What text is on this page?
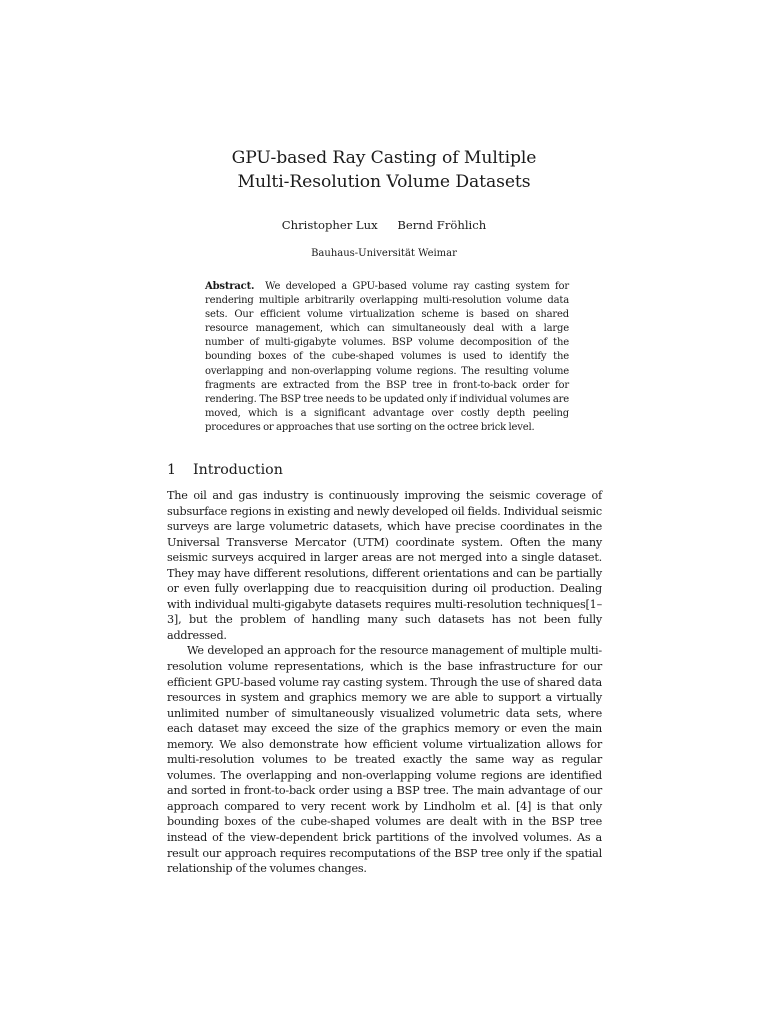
GPU-based Ray Casting of Multiple
Multi-Resolution Volume Datasets
Christopher Lux Bernd Fröhlich
Bauhaus-Universität Weimar
Abstract. We developed a GPU-based volume ray casting system for rendering multiple arbitrarily overlapping multi-resolution volume data sets. Our efficient volume virtualization scheme is based on shared resource management, which can simultaneously deal with a large number of multi-gigabyte volumes. BSP volume decomposition of the bounding boxes of the cube-shaped volumes is used to identify the overlapping and non-overlapping volume regions. The resulting volume fragments are extracted from the BSP tree in front-to-back order for rendering. The BSP tree needs to be updated only if individual volumes are moved, which is a significant advantage over costly depth peeling procedures or approaches that use sorting on the octree brick level.
1 Introduction

The oil and gas industry is continuously improving the seismic coverage of subsurface regions in existing and newly developed oil fields. Individual seismic surveys are large volumetric datasets, which have precise coordinates in the Universal Transverse Mercator (UTM) coordinate system. Often the many seismic surveys acquired in larger areas are not merged into a single dataset. They may have different resolutions, different orientations and can be partially or even fully overlapping due to reacquisition during oil production. Dealing with individual multi-gigabyte datasets requires multi-resolution techniques[1–3], but the problem of handling many such datasets has not been fully addressed.

We developed an approach for the resource management of multiple multi-resolution volume representations, which is the base infrastructure for our efficient GPU-based volume ray casting system. Through the use of shared data resources in system and graphics memory we are able to support a virtually unlimited number of simultaneously visualized volumetric data sets, where each dataset may exceed the size of the graphics memory or even the main memory. We also demonstrate how efficient volume virtualization allows for multi-resolution volumes to be treated exactly the same way as regular volumes. The overlapping and non-overlapping volume regions are identified and sorted in front-to-back order using a BSP tree. The main advantage of our approach compared to very recent work by Lindholm et al. [4] is that only bounding boxes of the cube-shaped volumes are dealt with in the BSP tree instead of the view-dependent brick partitions of the involved volumes. As a result our approach requires recomputations of the BSP tree only if the spatial relationship of the volumes changes.
